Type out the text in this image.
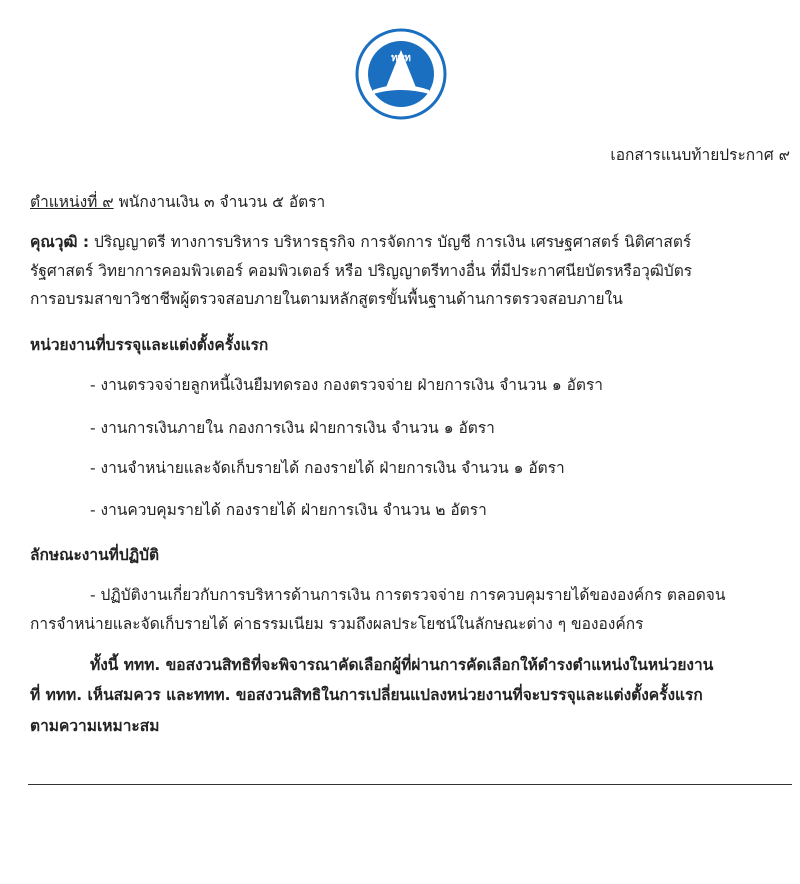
ททท
เอกสารแนบท้ายประกาศ ๙
ตำแหน่งที่ ๙ พนักงานเงิน ๓ จำนวน ๕ อัตรา
คุณวุฒิ : ปริญญาตรี ทางการบริหาร บริหารธุรกิจ การจัดการ บัญชี การเงิน เศรษฐศาสตร์ นิติศาสตร์
รัฐศาสตร์ วิทยาการคอมพิวเตอร์ คอมพิวเตอร์ หรือ ปริญญาตรีทางอื่น ที่มีประกาศนียบัตรหรือวุฒิบัตร
การอบรมสาขาวิชาชีพผู้ตรวจสอบภายในตามหลักสูตรขั้นพื้นฐานด้านการตรวจสอบภายใน
หน่วยงานที่บรรจุและแต่งตั้งครั้งแรก
- งานตรวจจ่ายลูกหนี้เงินยืมทดรอง กองตรวจจ่าย ฝ่ายการเงิน จำนวน ๑ อัตรา
- งานการเงินภายใน กองการเงิน ฝ่ายการเงิน จำนวน ๑ อัตรา
- งานจำหน่ายและจัดเก็บรายได้ กองรายได้ ฝ่ายการเงิน จำนวน ๑ อัตรา
- งานควบคุมรายได้ กองรายได้ ฝ่ายการเงิน จำนวน ๒ อัตรา
ลักษณะงานที่ปฏิบัติ
- ปฏิบัติงานเกี่ยวกับการบริหารด้านการเงิน การตรวจจ่าย การควบคุมรายได้ขององค์กร ตลอดจน
การจำหน่ายและจัดเก็บรายได้ ค่าธรรมเนียม รวมถึงผลประโยชน์ในลักษณะต่าง ๆ ขององค์กร
ทั้งนี้ ททท. ขอสงวนสิทธิที่จะพิจารณาคัดเลือกผู้ที่ผ่านการคัดเลือกให้ดำรงตำแหน่งในหน่วยงาน
ที่ ททท. เห็นสมควร และททท. ขอสงวนสิทธิในการเปลี่ยนแปลงหน่วยงานที่จะบรรจุและแต่งตั้งครั้งแรก
ตามความเหมาะสม
